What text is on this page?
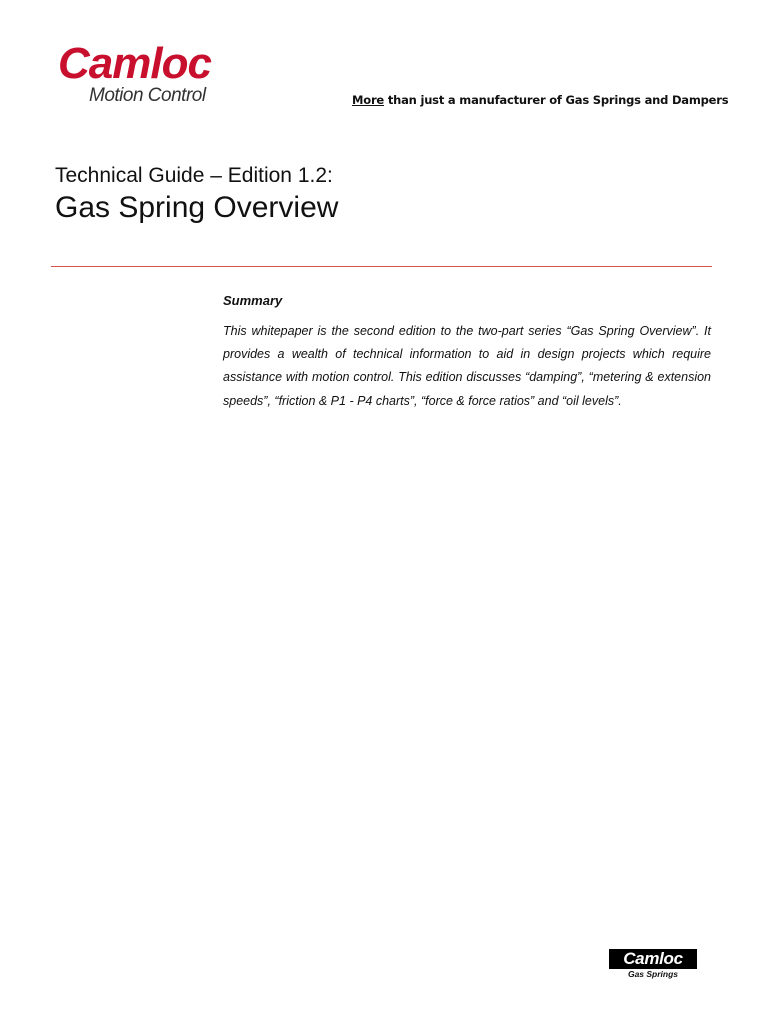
Camloc
Motion Control	More than just a manufacturer of Gas Springs and Dampers
Technical Guide – Edition 1.2:
Gas Spring Overview
Summary
This whitepaper is the second edition to the two-part series “Gas Spring Overview”. It provides a wealth of technical information to aid in design projects which require assistance with motion control. This edition discusses “damping”, “metering & extension speeds”, “friction & P1 - P4 charts”, “force & force ratios” and “oil levels”.
Camloc
Gas Springs
